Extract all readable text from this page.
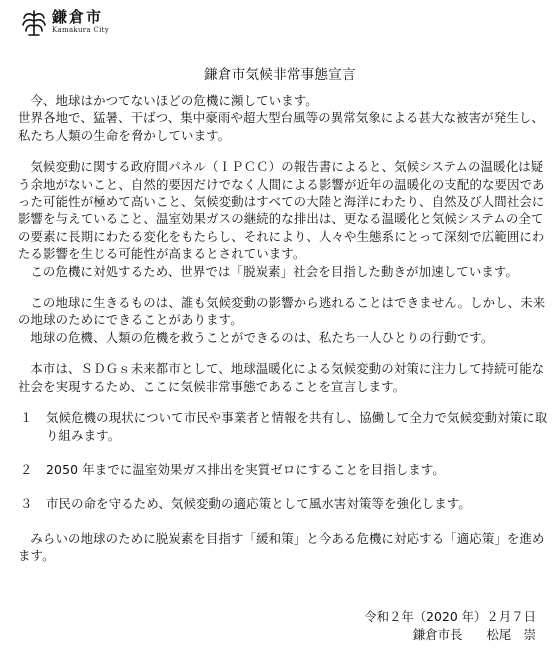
鎌倉市
Kamakura City
鎌倉市気候非常事態宣言

今、地球はかつてないほどの危機に瀕しています。

世界各地で、猛暑、干ばつ、集中豪雨や超大型台風等の異常気象による甚大な被害が発生し、私たち人類の生命を脅かしています。

気候変動に関する政府間パネル（ＩＰＣＣ）の報告書によると、気候システムの温暖化は疑う余地がないこと、自然的要因だけでなく人間による影響が近年の温暖化の支配的な要因であった可能性が極めて高いこと、気候変動はすべての大陸と海洋にわたり、自然及び人間社会に影響を与えていること、温室効果ガスの継続的な排出は、更なる温暖化と気候システムの全ての要素に長期にわたる変化をもたらし、それにより、人々や生態系にとって深刻で広範囲にわたる影響を生じる可能性が高まるとされています。

この危機に対処するため、世界では「脱炭素」社会を目指した動きが加速しています。

この地球に生きるものは、誰も気候変動の影響から逃れることはできません。しかし、未来の地球のためにできることがあります。

地球の危機、人類の危機を救うことができるのは、私たち一人ひとりの行動です。

本市は、ＳＤＧｓ未来都市として、地球温暖化による気候変動の対策に注力して持続可能な社会を実現するため、ここに気候非常事態であることを宣言します。

１	気候危機の現状について市民や事業者と情報を共有し、協働して全力で気候変動対策に取り組みます。
２	2050 年までに温室効果ガス排出を実質ゼロにすることを目指します。
３	市民の命を守るため、気候変動の適応策として風水害対策等を強化します。

みらいの地球のために脱炭素を目指す「緩和策」と今ある危機に対応する「適応策」を進めます。

令和２年（2020 年）２月７日
鎌倉市長 松尾　崇
